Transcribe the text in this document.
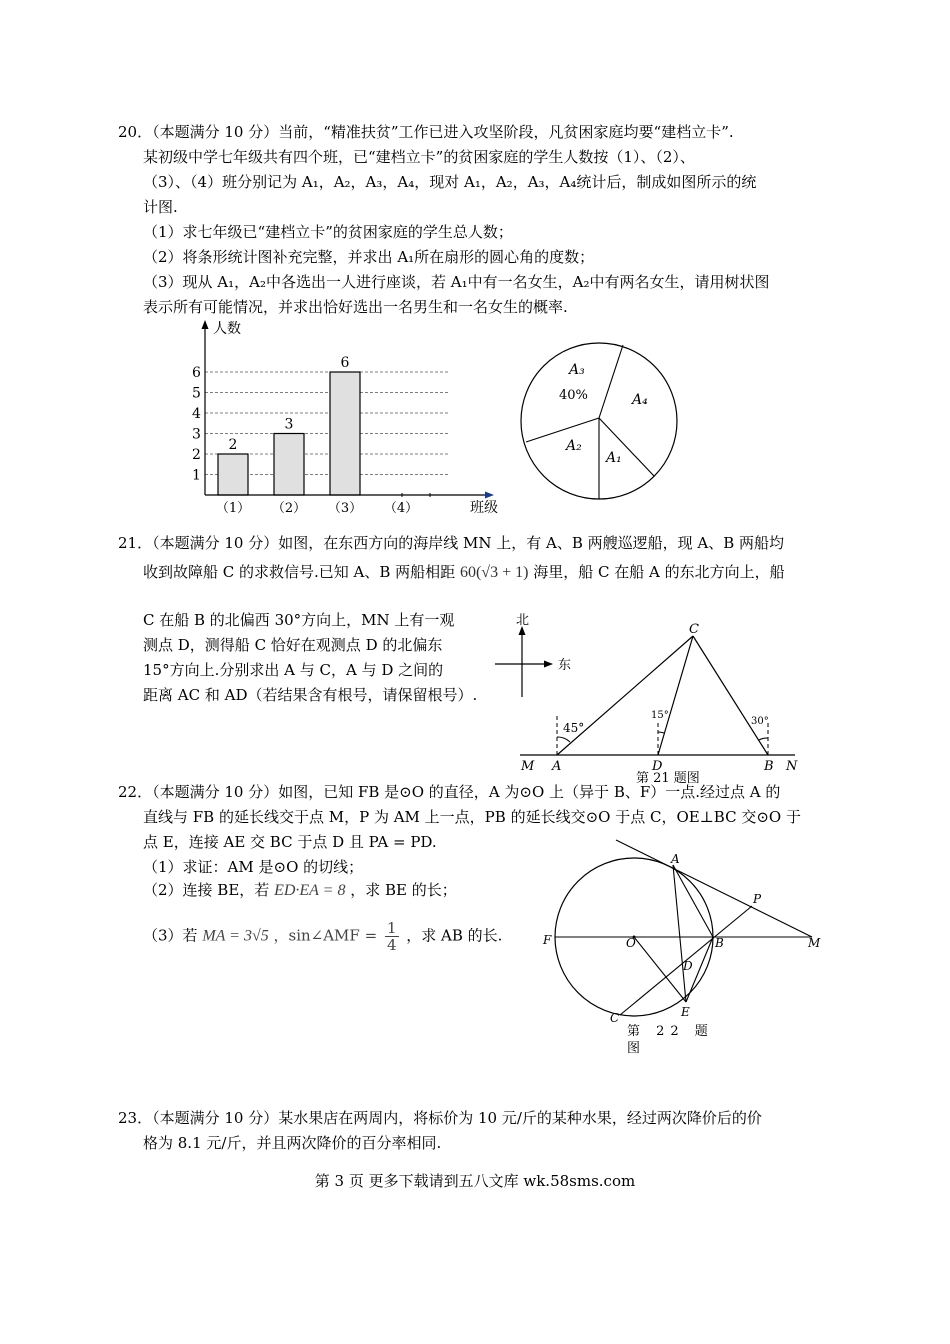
20．（本题满分 10 分）当前，“精准扶贫”工作已进入攻坚阶段，凡贫困家庭均要“建档立卡”.
某初级中学七年级共有四个班，已“建档立卡”的贫困家庭的学生人数按（1）、（2）、
（3）、（4）班分别记为 A₁，A₂，A₃，A₄，现对 A₁，A₂，A₃，A₄统计后，制成如图所示的统
计图.
（1）求七年级已“建档立卡”的贫困家庭的学生总人数；
（2）将条形统计图补充完整，并求出 A₁所在扇形的圆心角的度数；
（3）现从 A₁，A₂中各选出一人进行座谈，若 A₁中有一名女生，A₂中有两名女生，请用树状图
表示所有可能情况，并求出恰好选出一名男生和一名女生的概率.
2
3
6
1
2
3
4
5
6
（1） （2） （3） （4）
人数
班级
A₃
40%	A₄
A₁
A₂
21．（本题满分 10 分）如图，在东西方向的海岸线 MN 上，有 A、B 两艘巡逻船，现 A、B 两船均
收到故障船 C 的求救信号.已知 A、B 两船相距 60(√3 + 1) 海里，船 C 在船 A 的东北方向上，船
C 在船 B 的北偏西 30°方向上，MN 上有一观
测点 D，测得船 C 恰好在观测点 D 的北偏东
15°方向上.分别求出 A 与 C，A 与 D 之间的
距离 AC 和 AD（若结果含有根号，请保留根号）.
北
东
45°
15°
30°
M A	D	B N
C
第 21 题图
22．（本题满分 10 分）如图，已知 FB 是⊙O 的直径，A 为⊙O 上（异于 B、F）一点.经过点 A 的
直线与 FB 的延长线交于点 M，P 为 AM 上一点，PB 的延长线交⊙O 于点 C，OE⊥BC 交⊙O 于
点 E，连接 AE 交 BC 于点 D 且 PA = PD.
（1）求证：AM 是⊙O 的切线；
（2）连接 BE，若 ED·EA = 8 ，求 BE 的长；
（3）若 MA = 3√5 ，sin∠AMF = $\frac{1}{4}$ ，求 AB 的长.
A
P
F	O	B	M
D
E
C
第 22 题
图
23．（本题满分 10 分）某水果店在两周内，将标价为 10 元/斤的某种水果，经过两次降价后的价
格为 8.1 元/斤，并且两次降价的百分率相同.
第 3 页 更多下载请到五八文库 wk.58sms.com
